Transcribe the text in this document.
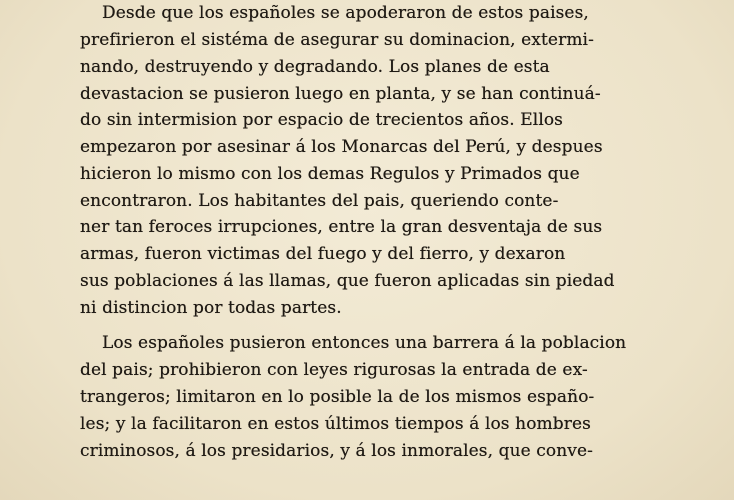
Desde que los españoles se apoderaron de estos paises,
prefirieron el sistéma de asegurar su dominacion, extermi-
nando, destruyendo y degradando. Los planes de esta
devastacion se pusieron luego en planta, y se han continuá-
do sin intermision por espacio de trecientos años. Ellos
empezaron por asesinar á los Monarcas del Perú, y despues
hicieron lo mismo con los demas Regulos y Primados que
encontraron. Los habitantes del pais, queriendo conte-
ner tan feroces irrupciones, entre la gran desventaja de sus
armas, fueron victimas del fuego y del fierro, y dexaron
sus poblaciones á las llamas, que fueron aplicadas sin piedad
ni distincion por todas partes.
Los españoles pusieron entonces una barrera á la poblacion
del pais; prohibieron con leyes rigurosas la entrada de ex-
trangeros; limitaron en lo posible la de los mismos españo-
les; y la facilitaron en estos últimos tiempos á los hombres
criminosos, á los presidarios, y á los inmorales, que conve-
